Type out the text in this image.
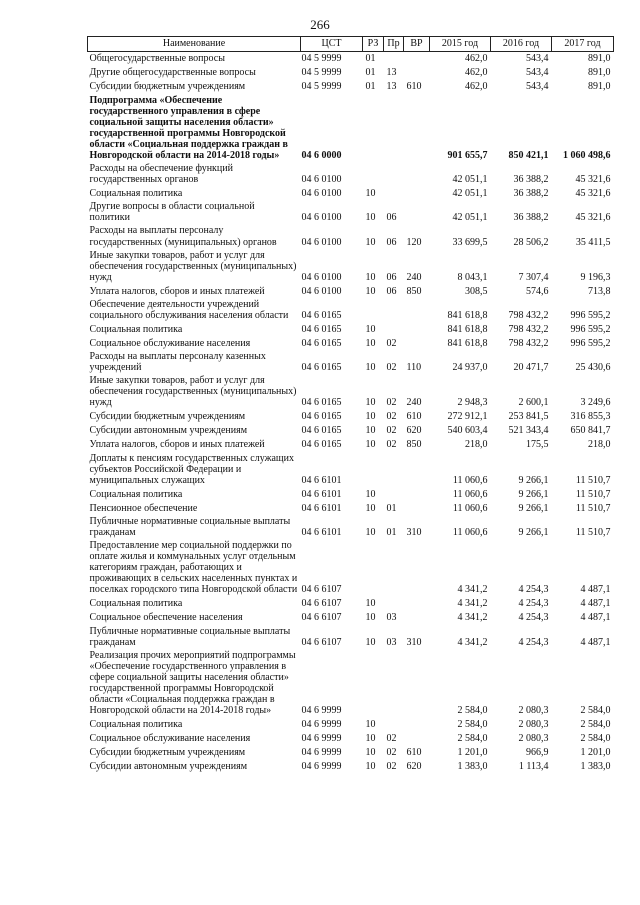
266
Наименование	ЦСТ	РЗ	Пр	ВР	2015 год	2016 год	2017 год
Общегосударственные вопросы	04 5 9999	01			462,0	543,4	891,0
Другие общегосударственные вопросы	04 5 9999	01	13		462,0	543,4	891,0
Субсидии бюджетным учреждениям	04 5 9999	01	13	610	462,0	543,4	891,0
Подпрограмма «Обеспечение государственного управления в сфере социальной защиты населения области» государственной программы Новгородской области «Социальная поддержка граждан в Новгородской области на 2014-2018 годы»	04 6 0000				901 655,7	850 421,1	1 060 498,6
Расходы на обеспечение функций государственных органов	04 6 0100				42 051,1	36 388,2	45 321,6
Социальная политика	04 6 0100	10			42 051,1	36 388,2	45 321,6
Другие вопросы в области социальной политики	04 6 0100	10	06		42 051,1	36 388,2	45 321,6
Расходы на выплаты персоналу государственных (муниципальных) органов	04 6 0100	10	06	120	33 699,5	28 506,2	35 411,5
Иные закупки товаров, работ и услуг для обеспечения государственных (муниципальных) нужд	04 6 0100	10	06	240	8 043,1	7 307,4	9 196,3
Уплата налогов, сборов и иных платежей	04 6 0100	10	06	850	308,5	574,6	713,8
Обеспечение деятельности учреждений социального обслуживания населения области	04 6 0165				841 618,8	798 432,2	996 595,2
Социальная политика	04 6 0165	10			841 618,8	798 432,2	996 595,2
Социальное обслуживание населения	04 6 0165	10	02		841 618,8	798 432,2	996 595,2
Расходы на выплаты персоналу казенных учреждений	04 6 0165	10	02	110	24 937,0	20 471,7	25 430,6
Иные закупки товаров, работ и услуг для обеспечения государственных (муниципальных) нужд	04 6 0165	10	02	240	2 948,3	2 600,1	3 249,6
Субсидии бюджетным учреждениям	04 6 0165	10	02	610	272 912,1	253 841,5	316 855,3
Субсидии автономным учреждениям	04 6 0165	10	02	620	540 603,4	521 343,4	650 841,7
Уплата налогов, сборов и иных платежей	04 6 0165	10	02	850	218,0	175,5	218,0
Доплаты к пенсиям государственных служащих субъектов Российской Федерации и муниципальных служащих	04 6 6101				11 060,6	9 266,1	11 510,7
Социальная политика	04 6 6101	10			11 060,6	9 266,1	11 510,7
Пенсионное обеспечение	04 6 6101	10	01		11 060,6	9 266,1	11 510,7
Публичные нормативные социальные выплаты гражданам	04 6 6101	10	01	310	11 060,6	9 266,1	11 510,7
Предоставление мер социальной поддержки по оплате жилья и коммунальных услуг отдельным категориям граждан, работающих и проживающих в сельских населенных пунктах и поселках городского типа Новгородской области	04 6 6107				4 341,2	4 254,3	4 487,1
Социальная политика	04 6 6107	10			4 341,2	4 254,3	4 487,1
Социальное обеспечение населения	04 6 6107	10	03		4 341,2	4 254,3	4 487,1
Публичные нормативные социальные выплаты гражданам	04 6 6107	10	03	310	4 341,2	4 254,3	4 487,1
Реализация прочих мероприятий подпрограммы «Обеспечение государственного управления в сфере социальной защиты населения области» государственной программы Новгородской области «Социальная поддержка граждан в Новгородской области на 2014-2018 годы»	04 6 9999				2 584,0	2 080,3	2 584,0
Социальная политика	04 6 9999	10			2 584,0	2 080,3	2 584,0
Социальное обслуживание населения	04 6 9999	10	02		2 584,0	2 080,3	2 584,0
Субсидии бюджетным учреждениям	04 6 9999	10	02	610	1 201,0	966,9	1 201,0
Субсидии автономным учреждениям	04 6 9999	10	02	620	1 383,0	1 113,4	1 383,0
